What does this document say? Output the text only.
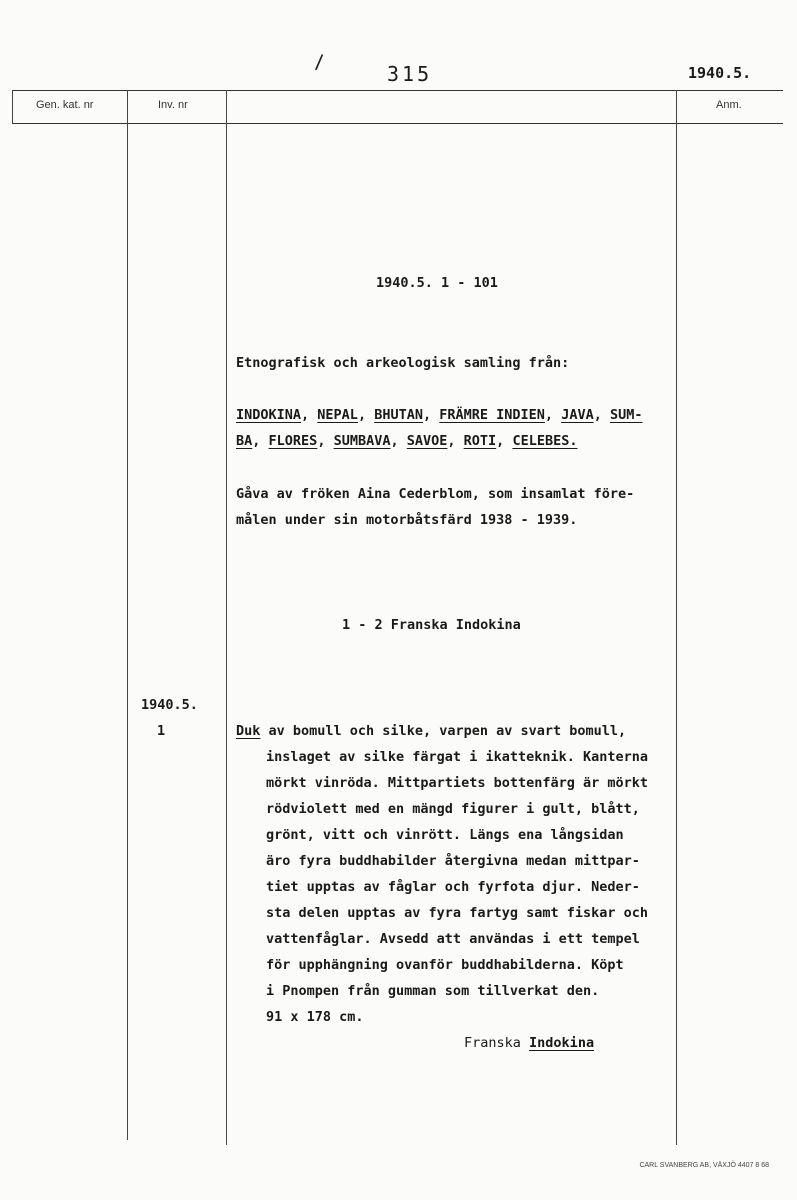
/	315	1940.5.
Gen. kat. nr	Inv. nr	Anm.
1940.5. 1 - 101
Etnografisk och arkeologisk samling från:
INDOKINA, NEPAL, BHUTAN, FRÄMRE INDIEN, JAVA, SUM-
BA, FLORES, SUMBAVA, SAVOE, ROTI, CELEBES.
Gåva av fröken Aina Cederblom, som insamlat före-
målen under sin motorbåtsfärd 1938 - 1939.
1 - 2 Franska Indokina
1940.5.
1	Duk av bomull och silke, varpen av svart bomull,
inslaget av silke färgat i ikatteknik. Kanterna
mörkt vinröda. Mittpartiets bottenfärg är mörkt
rödviolett med en mängd figurer i gult, blått,
grönt, vitt och vinrött. Längs ena långsidan
äro fyra buddhabilder återgivna medan mittpar-
tiet upptas av fåglar och fyrfota djur. Neder-
sta delen upptas av fyra fartyg samt fiskar och
vattenfåglar. Avsedd att användas i ett tempel
för upphängning ovanför buddhabilderna. Köpt
i Pnompen från gumman som tillverkat den.
91 x 178 cm.
Franska Indokina
CARL SVANBERG AB, VÄXJÖ 4407 8 68
